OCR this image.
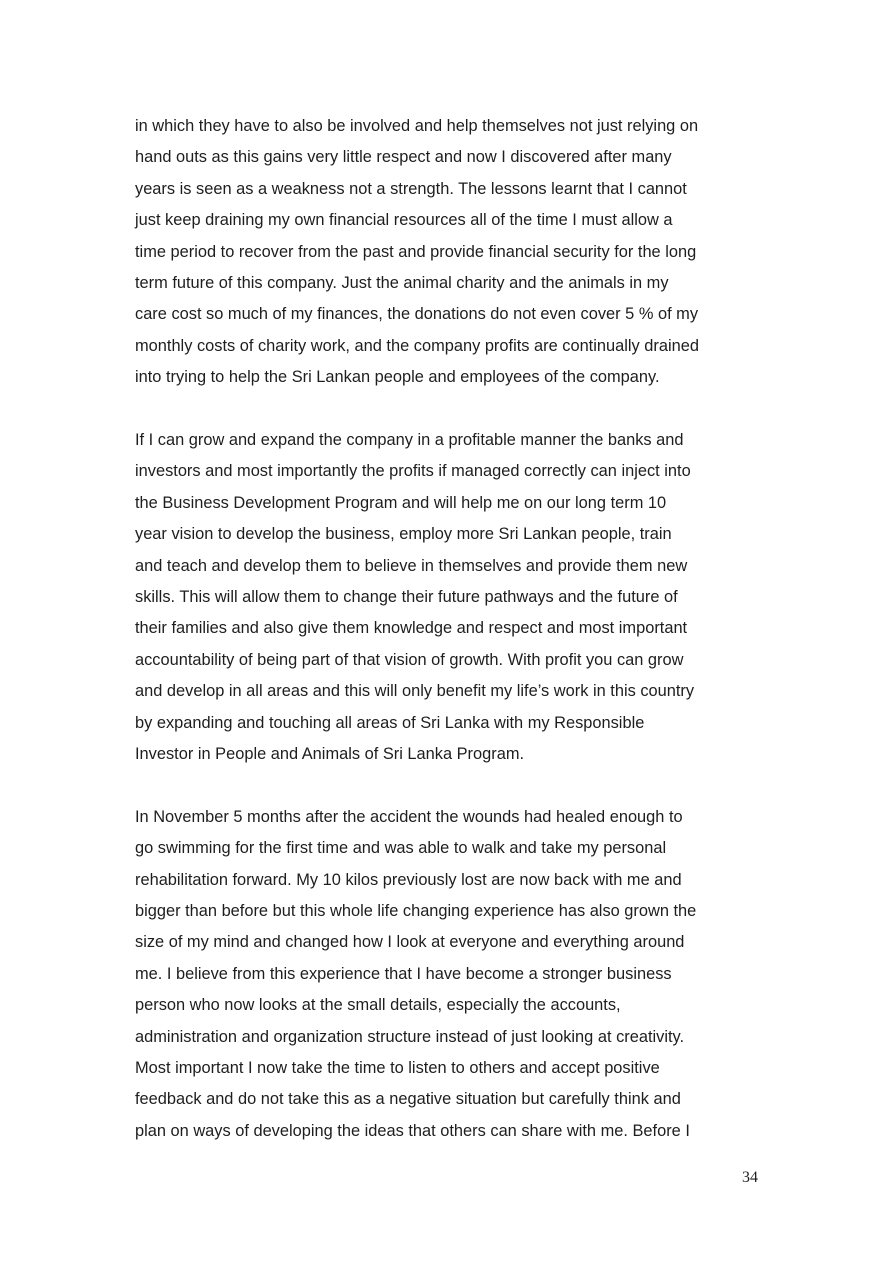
in which they have to also be involved and help themselves not just relying on
hand outs as this gains very little respect and now I discovered after many
years is seen as a weakness not a strength. The lessons learnt that I cannot
just keep draining my own financial resources all of the time I must allow a
time period to recover from the past and provide financial security for the long
term future of this company. Just the animal charity and the animals in my
care cost so much of my finances, the donations do not even cover 5 % of my
monthly costs of charity work, and the company profits are continually drained
into trying to help the Sri Lankan people and employees of the company.

If I can grow and expand the company in a profitable manner the banks and
investors and most importantly the profits if managed correctly can inject into
the Business Development Program and will help me on our long term 10
year vision to develop the business, employ more Sri Lankan people, train
and teach and develop them to believe in themselves and provide them new
skills. This will allow them to change their future pathways and the future of
their families and also give them knowledge and respect and most important
accountability of being part of that vision of growth. With profit you can grow
and develop in all areas and this will only benefit my life’s work in this country
by expanding and touching all areas of Sri Lanka with my Responsible
Investor in People and Animals of Sri Lanka Program.

In November 5 months after the accident the wounds had healed enough to
go swimming for the first time and was able to walk and take my personal
rehabilitation forward. My 10 kilos previously lost are now back with me and
bigger than before but this whole life changing experience has also grown the
size of my mind and changed how I look at everyone and everything around
me. I believe from this experience that I have become a stronger business
person who now looks at the small details, especially the accounts,
administration and organization structure instead of just looking at creativity.
Most important I now take the time to listen to others and accept positive
feedback and do not take this as a negative situation but carefully think and
plan on ways of developing the ideas that others can share with me. Before I

34
